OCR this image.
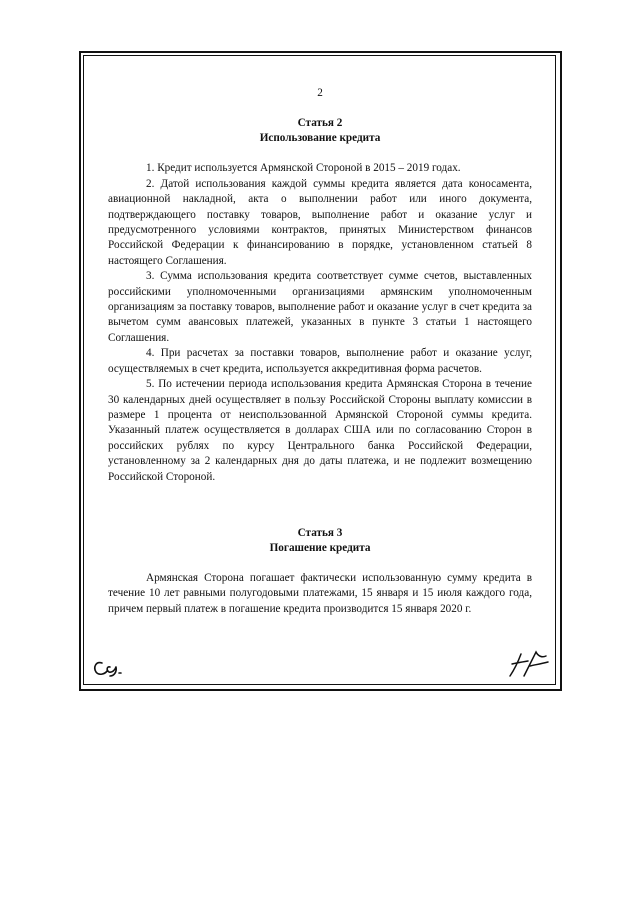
2
Статья 2
Использование кредита

1. Кредит используется Армянской Стороной в 2015 – 2019 годах.

2. Датой использования каждой суммы кредита является дата коносамента, авиационной накладной, акта о выполнении работ или иного документа, подтверждающего поставку товаров, выполнение работ и оказание услуг и предусмотренного условиями контрактов, принятых Министерством финансов Российской Федерации к финансированию в порядке, установленном статьей 8 настоящего Соглашения.

3. Сумма использования кредита соответствует сумме счетов, выставленных российскими уполномоченными организациями армянским уполномоченным организациям за поставку товаров, выполнение работ и оказание услуг в счет кредита за вычетом сумм авансовых платежей, указанных в пункте 3 статьи 1 настоящего Соглашения.

4. При расчетах за поставки товаров, выполнение работ и оказание услуг, осуществляемых в счет кредита, используется аккредитивная форма расчетов.

5. По истечении периода использования кредита Армянская Сторона в течение 30 календарных дней осуществляет в пользу Российской Стороны выплату комиссии в размере 1 процента от неиспользованной Армянской Стороной суммы кредита. Указанный платеж осуществляется в долларах США или по согласованию Сторон в российских рублях по курсу Центрального банка Российской Федерации, установленному за 2 календарных дня до даты платежа, и не подлежит возмещению Российской Стороной.

Статья 3
Погашение кредита

Армянская Сторона погашает фактически использованную сумму кредита в течение 10 лет равными полугодовыми платежами, 15 января и 15 июля каждого года, причем первый платеж в погашение кредита производится 15 января 2020 г.
